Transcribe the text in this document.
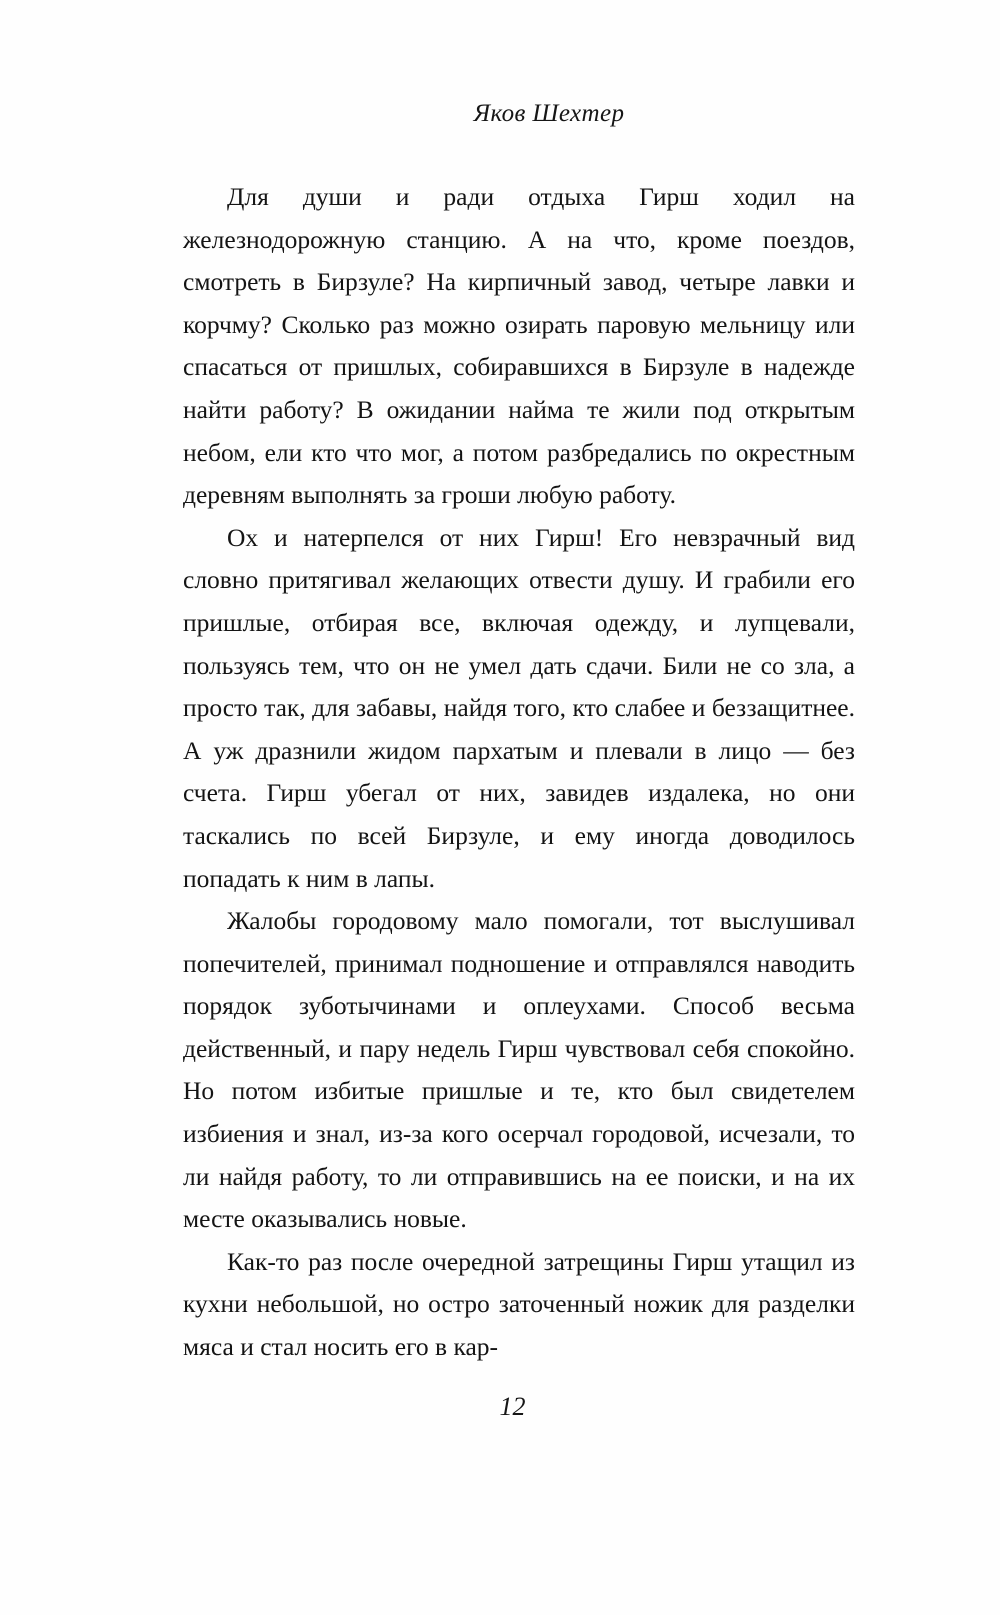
Яков Шехтер

Для души и ради отдыха Гирш ходил на железнодорожную станцию. А на что, кроме поездов, смотреть в Бирзуле? На кирпичный завод, четыре лавки и корчму? Сколько раз можно озирать паровую мельницу или спасаться от пришлых, собиравшихся в Бирзуле в надежде найти работу? В ожидании найма те жили под открытым небом, ели кто что мог, а потом разбредались по окрестным деревням выполнять за гроши любую работу.

Ох и натерпелся от них Гирш! Его невзрачный вид словно притягивал желающих отвести душу. И грабили его пришлые, отбирая все, включая одежду, и лупцевали, пользуясь тем, что он не умел дать сдачи. Били не со зла, а просто так, для забавы, найдя того, кто слабее и беззащитнее. А уж дразнили жидом пархатым и плевали в лицо — без счета. Гирш убегал от них, завидев издалека, но они таскались по всей Бирзуле, и ему иногда доводилось попадать к ним в лапы.

Жалобы городовому мало помогали, тот выслушивал попечителей, принимал подношение и отправлялся наводить порядок зуботычинами и оплеухами. Способ весьма действенный, и пару недель Гирш чувствовал себя спокойно. Но потом избитые пришлые и те, кто был свидетелем избиения и знал, из-за кого осерчал городовой, исчезали, то ли найдя работу, то ли отправившись на ее поиски, и на их месте оказывались новые.

Как-то раз после очередной затрещины Гирш утащил из кухни небольшой, но остро заточенный ножик для разделки мяса и стал носить его в кар-

12
